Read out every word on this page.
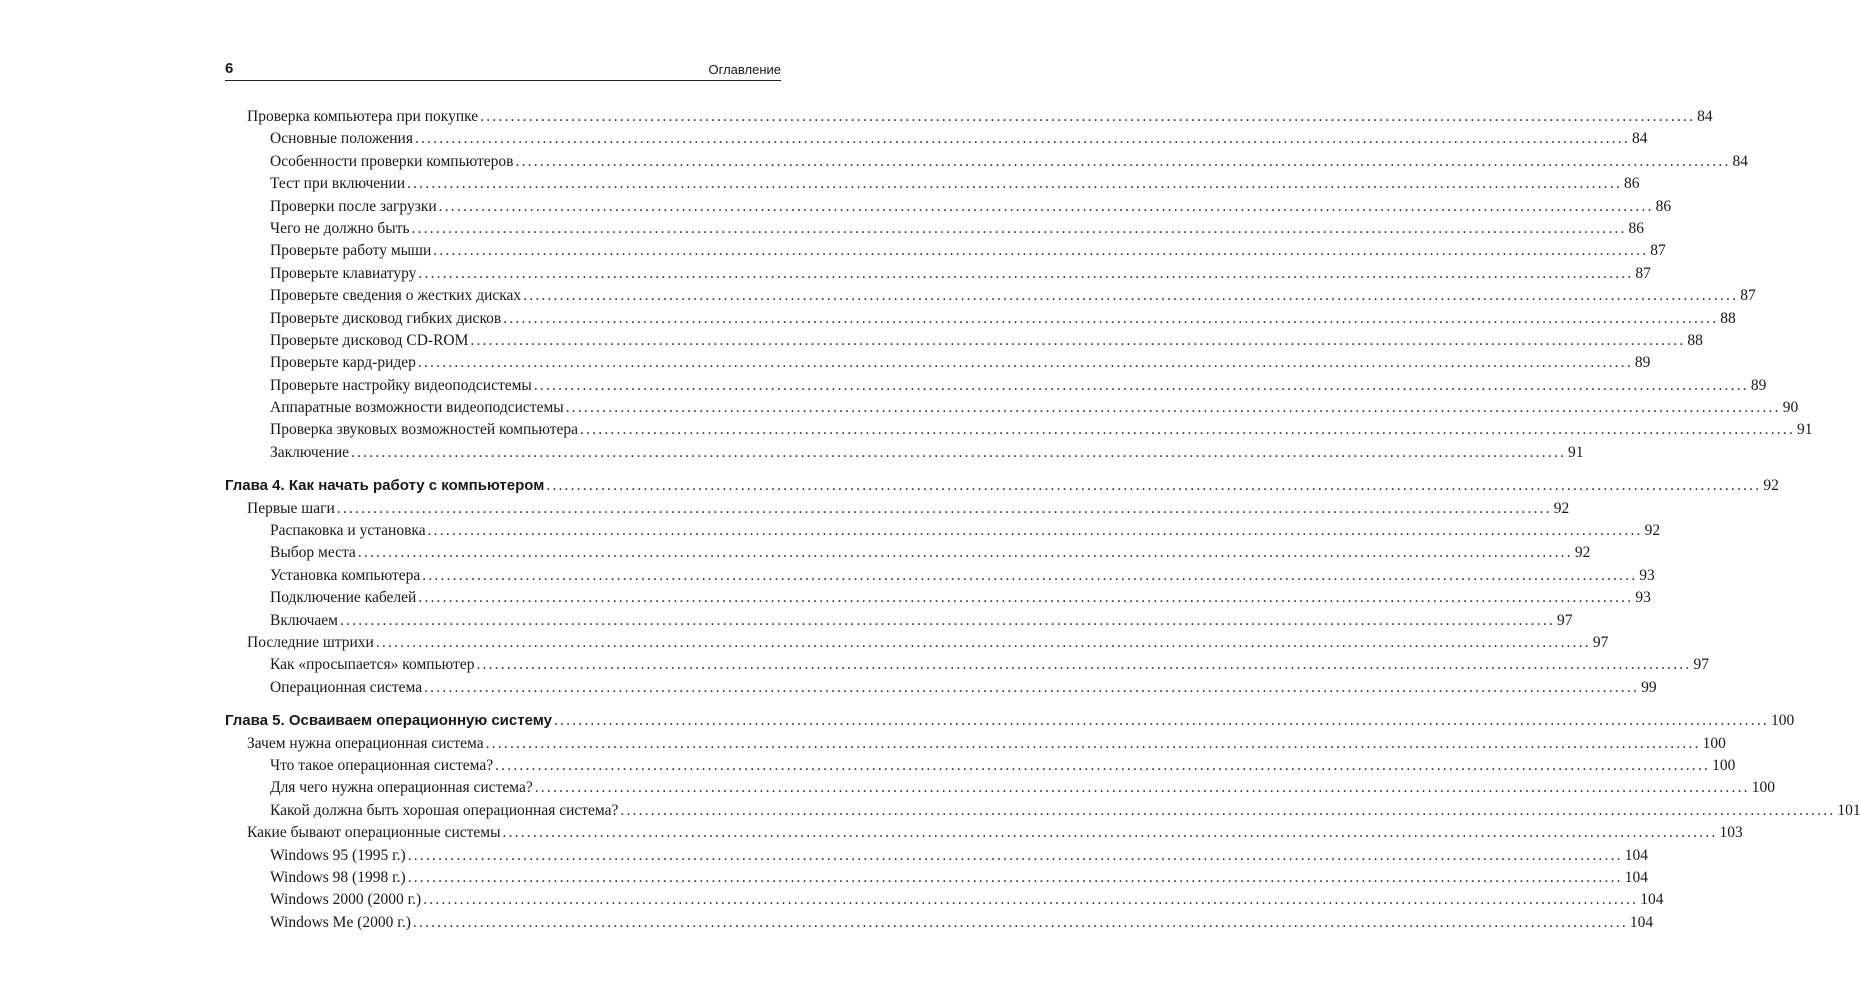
6	Оглавление
Проверка компьютера при покупке ........................................................................................................................................................................................................ 84
Основные положения ........................................................................................................................................................................................................ 84
Особенности проверки компьютеров ........................................................................................................................................................................................................ 84
Тест при включении ........................................................................................................................................................................................................ 86
Проверки после загрузки ........................................................................................................................................................................................................ 86
Чего не должно быть ........................................................................................................................................................................................................ 86
Проверьте работу мыши ........................................................................................................................................................................................................ 87
Проверьте клавиатуру ........................................................................................................................................................................................................ 87
Проверьте сведения о жестких дисках ........................................................................................................................................................................................................ 87
Проверьте дисковод гибких дисков ........................................................................................................................................................................................................ 88
Проверьте дисковод CD-ROM ........................................................................................................................................................................................................ 88
Проверьте кард-ридер ........................................................................................................................................................................................................ 89
Проверьте настройку видеоподсистемы ........................................................................................................................................................................................................ 89
Аппаратные возможности видеоподсистемы ........................................................................................................................................................................................................ 90
Проверка звуковых возможностей компьютера ........................................................................................................................................................................................................ 91
Заключение ........................................................................................................................................................................................................ 91
Глава 4. Как начать работу с компьютером ........................................................................................................................................................................................................ 92
Первые шаги ........................................................................................................................................................................................................ 92
Распаковка и установка ........................................................................................................................................................................................................ 92
Выбор места ........................................................................................................................................................................................................ 92
Установка компьютера ........................................................................................................................................................................................................ 93
Подключение кабелей ........................................................................................................................................................................................................ 93
Включаем ........................................................................................................................................................................................................ 97
Последние штрихи ........................................................................................................................................................................................................ 97
Как «просыпается» компьютер ........................................................................................................................................................................................................ 97
Операционная система ........................................................................................................................................................................................................ 99
Глава 5. Осваиваем операционную систему ........................................................................................................................................................................................................ 100
Зачем нужна операционная система ........................................................................................................................................................................................................ 100
Что такое операционная система? ........................................................................................................................................................................................................ 100
Для чего нужна операционная система? ........................................................................................................................................................................................................ 100
Какой должна быть хорошая операционная система? ........................................................................................................................................................................................................ 101
Какие бывают операционные системы ........................................................................................................................................................................................................ 103
Windows 95 (1995 г.) ........................................................................................................................................................................................................ 104
Windows 98 (1998 г.) ........................................................................................................................................................................................................ 104
Windows 2000 (2000 г.) ........................................................................................................................................................................................................ 104
Windows Me (2000 г.) ........................................................................................................................................................................................................ 104
